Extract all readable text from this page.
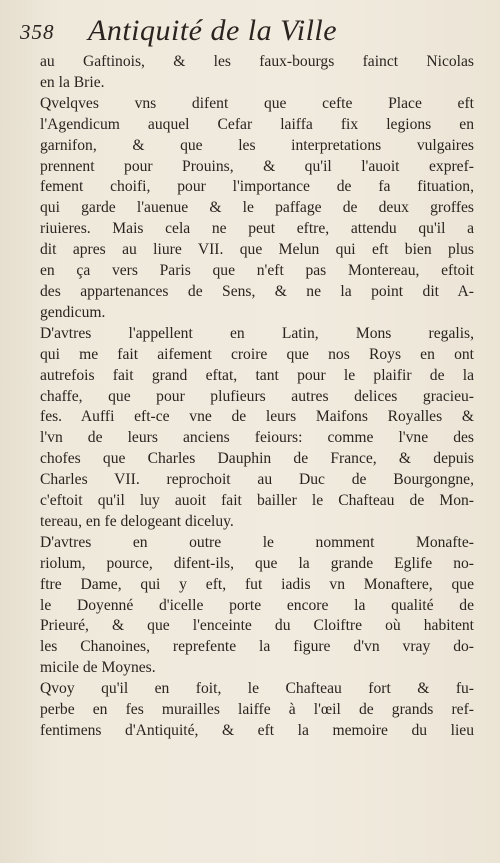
358 Antiquité de la Ville
au Gaftinois, & les faux-bourgs fainct Nicolas
en la Brie.
Qvelqves vns difent que cefte Place eft
l'Agendicum auquel Cefar laiffa fix legions en
garnifon, & que les interpretations vulgaires
prennent pour Prouins, & qu'il l'auoit expref-
fement choifi, pour l'importance de fa fituation,
qui garde l'auenue & le paffage de deux groffes
riuieres. Mais cela ne peut eftre, attendu qu'il a
dit apres au liure VII. que Melun qui eft bien plus
en ça vers Paris que n'eft pas Montereau, eftoit
des appartenances de Sens, & ne la point dit A-
gendicum.
D'avtres l'appellent en Latin, Mons regalis,
qui me fait aifement croire que nos Roys en ont
autrefois fait grand eftat, tant pour le plaifir de la
chaffe, que pour plufieurs autres delices gracieu-
fes. Auffi eft-ce vne de leurs Maifons Royalles &
l'vn de leurs anciens feiours: comme l'vne des
chofes que Charles Dauphin de France, & depuis
Charles VII. reprochoit au Duc de Bourgongne,
c'eftoit qu'il luy auoit fait bailler le Chafteau de Mon-
tereau, en fe delogeant diceluy.
D'avtres en outre le nomment Monafte-
riolum, pource, difent-ils, que la grande Eglife no-
ftre Dame, qui y eft, fut iadis vn Monaftere, que
le Doyenné d'icelle porte encore la qualité de
Prieuré, & que l'enceinte du Cloiftre où habitent
les Chanoines, reprefente la figure d'vn vray do-
micile de Moynes.
Qvoy qu'il en foit, le Chafteau fort & fu-
perbe en fes murailles laiffe à l'œil de grands ref-
fentimens d'Antiquité, & eft la memoire du lieu
